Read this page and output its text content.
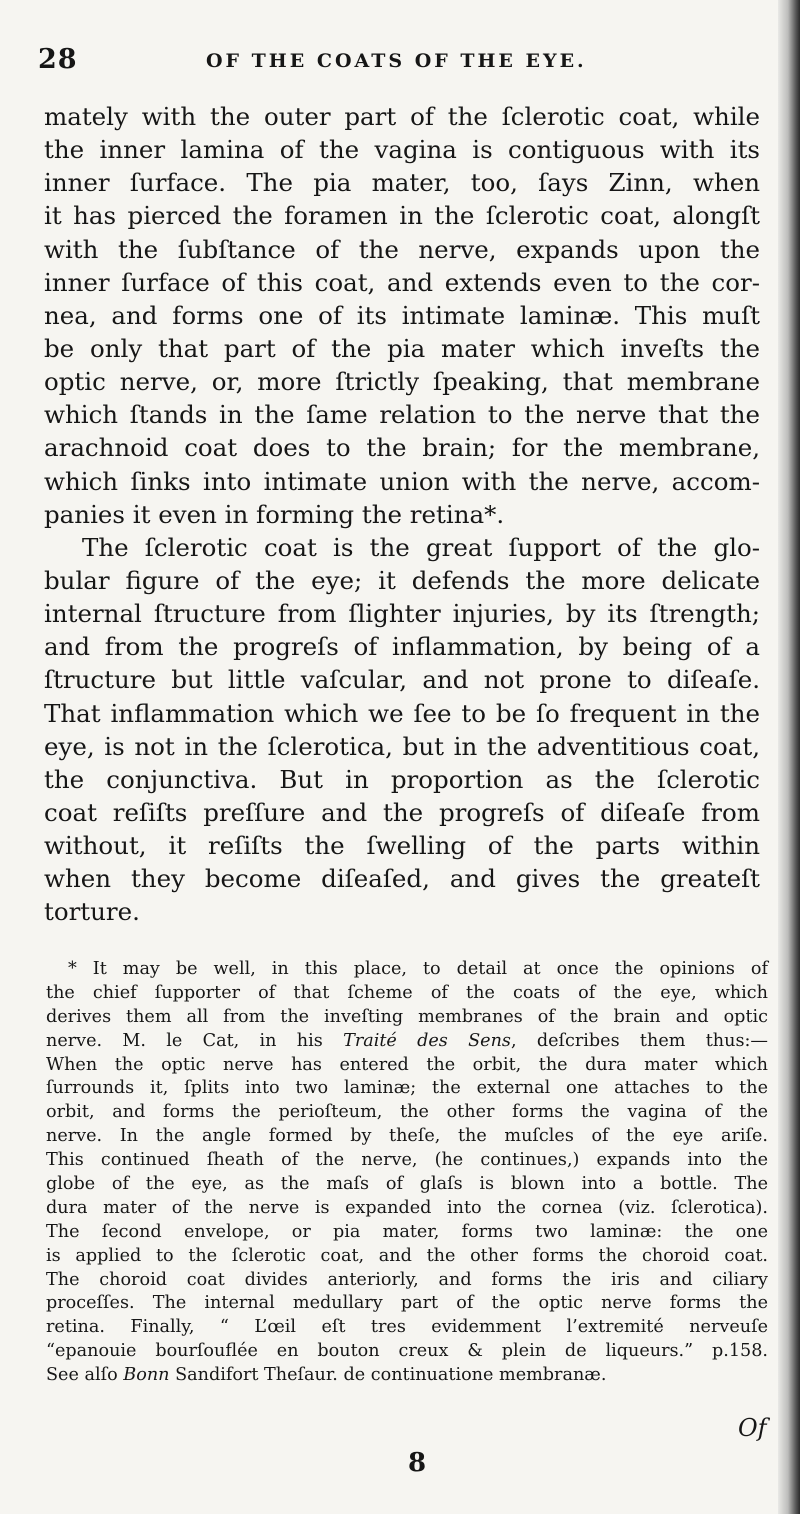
28	OF THE COATS OF THE EYE.
mately with the outer part of the ſclerotic coat, while
the inner lamina of the vagina is contiguous with its
inner ſurface. The pia mater, too, ſays Zinn, when
it has pierced the foramen in the ſclerotic coat, alongſt
with the ſubſtance of the nerve, expands upon the
inner ſurface of this coat, and extends even to the cor-
nea, and forms one of its intimate laminæ. This muſt
be only that part of the pia mater which inveſts the
optic nerve, or, more ſtrictly ſpeaking, that membrane
which ſtands in the ſame relation to the nerve that the
arachnoid coat does to the brain; for the membrane,
which ſinks into intimate union with the nerve, accom-
panies it even in forming the retina*.
The ſclerotic coat is the great ſupport of the glo-
bular figure of the eye; it defends the more delicate
internal ſtructure from ſlighter injuries, by its ſtrength;
and from the progreſs of inflammation, by being of a
ſtructure but little vaſcular, and not prone to diſeaſe.
That inflammation which we ſee to be ſo frequent in the
eye, is not in the ſclerotica, but in the adventitious coat,
the conjunctiva. But in proportion as the ſclerotic
coat reſiſts preſſure and the progreſs of diſeaſe from
without, it reſiſts the ſwelling of the parts within
when they become diſeaſed, and gives the greateſt
torture.
* It may be well, in this place, to detail at once the opinions of
the chief ſupporter of that ſcheme of the coats of the eye, which
derives them all from the inveſting membranes of the brain and optic
nerve. M. le Cat, in his Traité des Sens, deſcribes them thus:—
When the optic nerve has entered the orbit, the dura mater which
ſurrounds it, ſplits into two laminæ; the external one attaches to the
orbit, and forms the perioſteum, the other forms the vagina of the
nerve. In the angle formed by theſe, the muſcles of the eye ariſe.
This continued ſheath of the nerve, (he continues,) expands into the
globe of the eye, as the maſs of glaſs is blown into a bottle. The
dura mater of the nerve is expanded into the cornea (viz. ſclerotica).
The ſecond envelope, or pia mater, forms two laminæ: the one
is applied to the ſclerotic coat, and the other forms the choroid coat.
The choroid coat divides anteriorly, and forms the iris and ciliary
proceſſes. The internal medullary part of the optic nerve forms the
retina. Finally, “ L’œil eſt tres evidemment l’extremité nerveuſe
“epanouie bourſouflée en bouton creux & plein de liqueurs.” p.158.
See alſo Bonn Sandifort Theſaur. de continuatione membranæ.
Of
8
